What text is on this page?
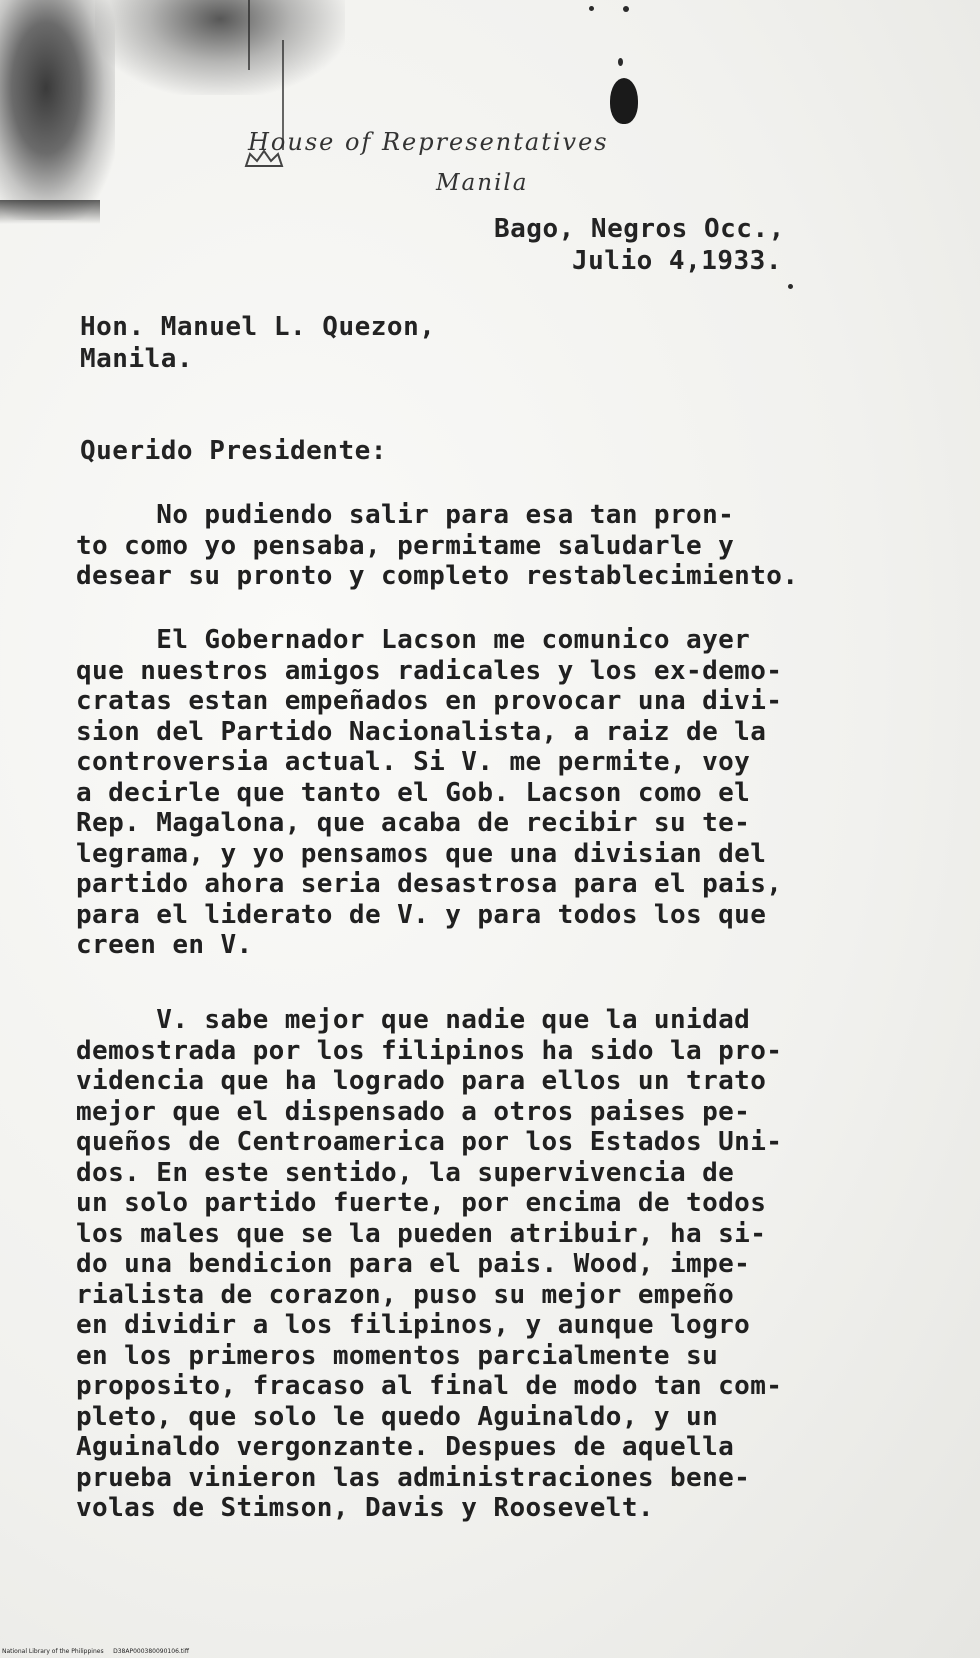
House of Representatives
Manila
Bago, Negros Occ.,
Julio 4,1933.
Hon. Manuel L. Quezon,
Manila.
Querido Presidente:
No pudiendo salir para esa tan pron-
to como yo pensaba, permitame saludarle y
desear su pronto y completo restablecimiento.
El Gobernador Lacson me comunico ayer
que nuestros amigos radicales y los ex-demo-
cratas estan empeñados en provocar una divi-
sion del Partido Nacionalista, a raiz de la
controversia actual. Si V. me permite, voy
a decirle que tanto el Gob. Lacson como el
Rep. Magalona, que acaba de recibir su te-
legrama, y yo pensamos que una divisian del
partido ahora seria desastrosa para el pais,
para el liderato de V. y para todos los que
creen en V.
V. sabe mejor que nadie que la unidad
demostrada por los filipinos ha sido la pro-
videncia que ha logrado para ellos un trato
mejor que el dispensado a otros paises pe-
queños de Centroamerica por los Estados Uni-
dos. En este sentido, la supervivencia de
un solo partido fuerte, por encima de todos
los males que se la pueden atribuir, ha si-
do una bendicion para el pais. Wood, impe-
rialista de corazon, puso su mejor empeño
en dividir a los filipinos, y aunque logro
en los primeros momentos parcialmente su
proposito, fracaso al final de modo tan com-
pleto, que solo le quedo Aguinaldo, y un
Aguinaldo vergonzante. Despues de aquella
prueba vinieron las administraciones bene-
volas de Stimson, Davis y Roosevelt.
National Library of the Philippines     D38AP000380090106.tiff
